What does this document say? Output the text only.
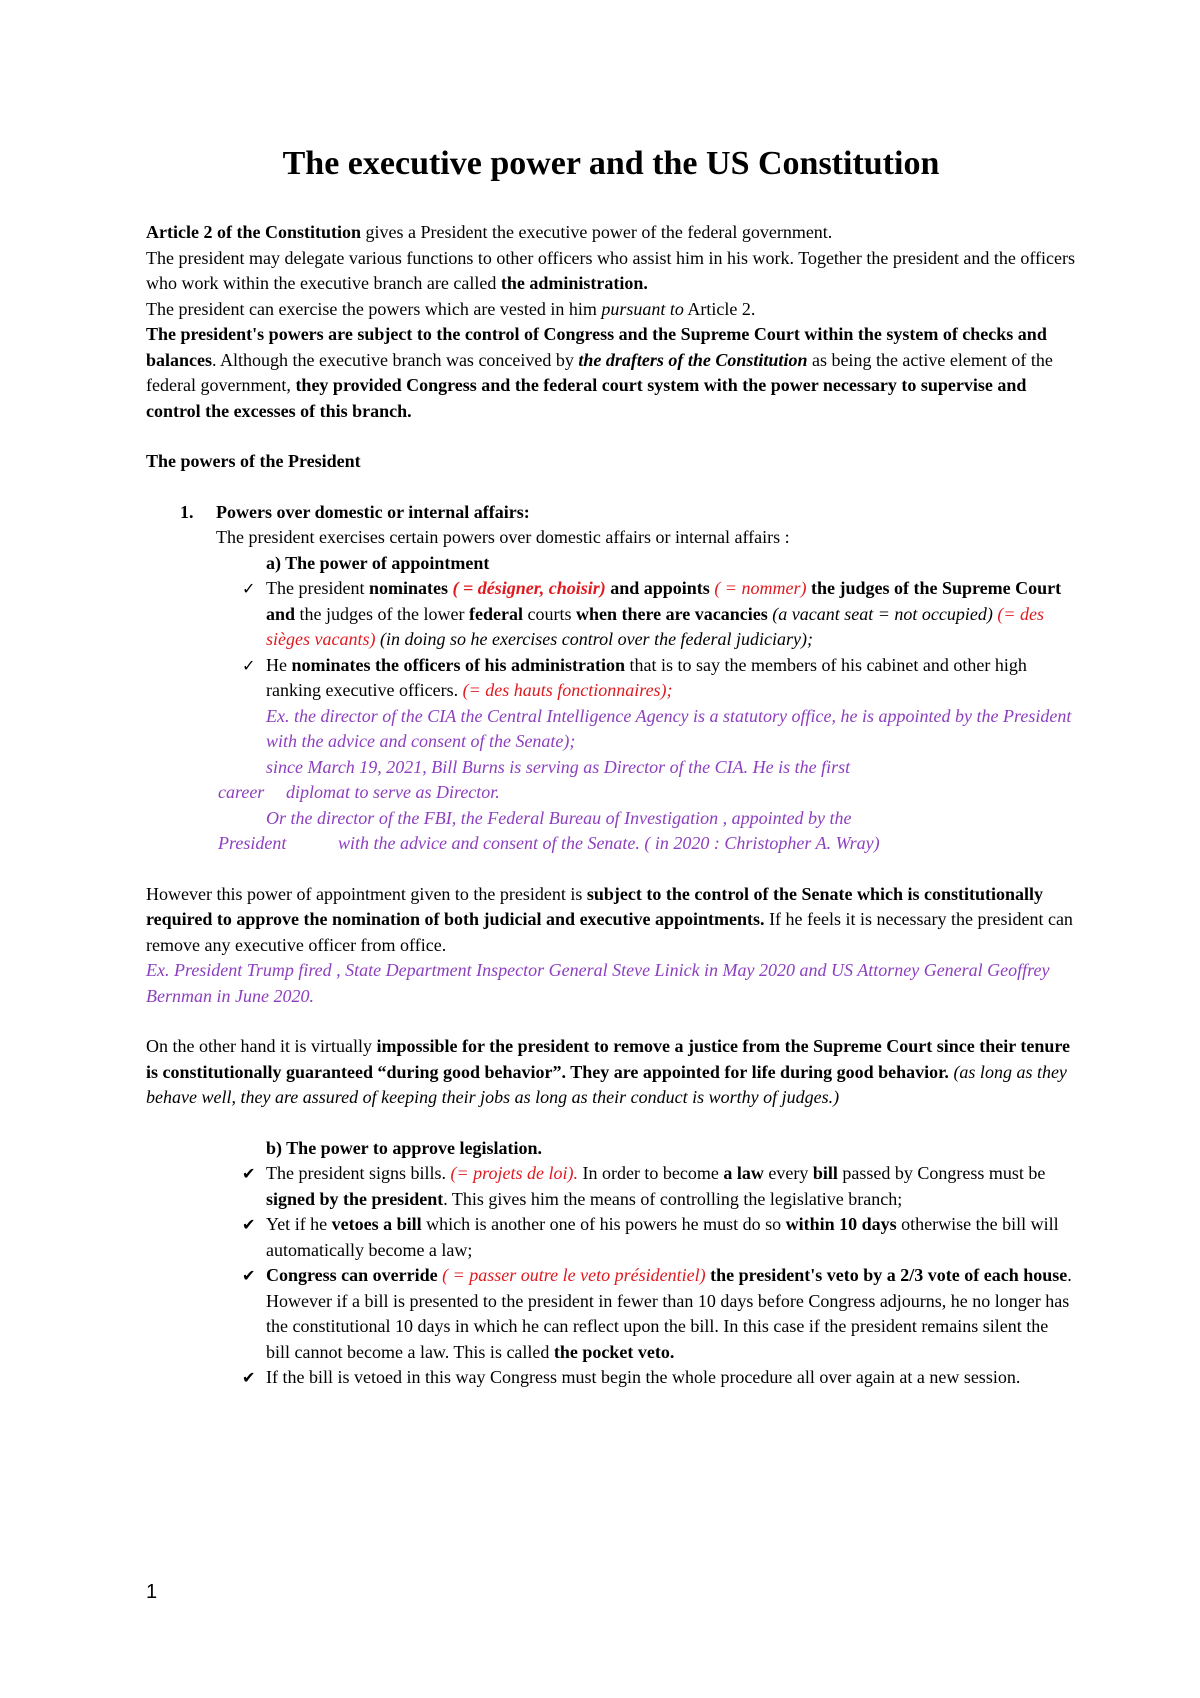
The executive power and the US Constitution

Article 2 of the Constitution gives a President the executive power of the federal government.
The president may delegate various functions to other officers who assist him in his work. Together the president and the officers who work within the executive branch are called the administration.
The president can exercise the powers which are vested in him pursuant to Article 2.

The president's powers are subject to the control of Congress and the Supreme Court within the system of checks and balances. Although the executive branch was conceived by the drafters of the Constitution as being the active element of the federal government, they provided Congress and the federal court system with the power necessary to supervise and control the excesses of this branch.

The powers of the President

1.	Powers over domestic or internal affairs:

The president exercises certain powers over domestic affairs or internal affairs :

a) The power of appointment

✓ The president nominates ( = désigner, choisir) and appoints ( = nommer) the judges of the Supreme Court and the judges of the lower federal courts when there are vacancies (a vacant seat = not occupied) (= des sièges vacants) (in doing so he exercises control over the federal judiciary);
✓ He nominates the officers of his administration that is to say the members of his cabinet and other high ranking executive officers. (= des hauts fonctionnaires);

Ex. the director of the CIA the Central Intelligence Agency is a statutory office, he is appointed by the President with the advice and consent of the Senate);

since March 19, 2021, Bill Burns is serving as Director of the CIA. He is the first

career	diplomat to serve as Director.

Or the director of the FBI, the Federal Bureau of Investigation , appointed by the

President	with the advice and consent of the Senate. ( in 2020 : Christopher A. Wray)

However this power of appointment given to the president is subject to the control of the Senate which is constitutionally required to approve the nomination of both judicial and executive appointments. If he feels it is necessary the president can remove any executive officer from office.

Ex. President Trump fired , State Department Inspector General Steve Linick in May 2020 and US Attorney General Geoffrey Bernman in June 2020.

On the other hand it is virtually impossible for the president to remove a justice from the Supreme Court since their tenure is constitutionally guaranteed “during good behavior”. They are appointed for life during good behavior. (as long as they behave well, they are assured of keeping their jobs as long as their conduct is worthy of judges.)

b) The power to approve legislation.

✔ The president signs bills. (= projets de loi). In order to become a law every bill passed by Congress must be signed by the president. This gives him the means of controlling the legislative branch;
✔ Yet if he vetoes a bill which is another one of his powers he must do so within 10 days otherwise the bill will automatically become a law;
✔ Congress can override ( = passer outre le veto présidentiel) the president's veto by a 2/3 vote of each house. However if a bill is presented to the president in fewer than 10 days before Congress adjourns, he no longer has the constitutional 10 days in which he can reflect upon the bill. In this case if the president remains silent the bill cannot become a law. This is called the pocket veto.
✔ If the bill is vetoed in this way Congress must begin the whole procedure all over again at a new session.
1
